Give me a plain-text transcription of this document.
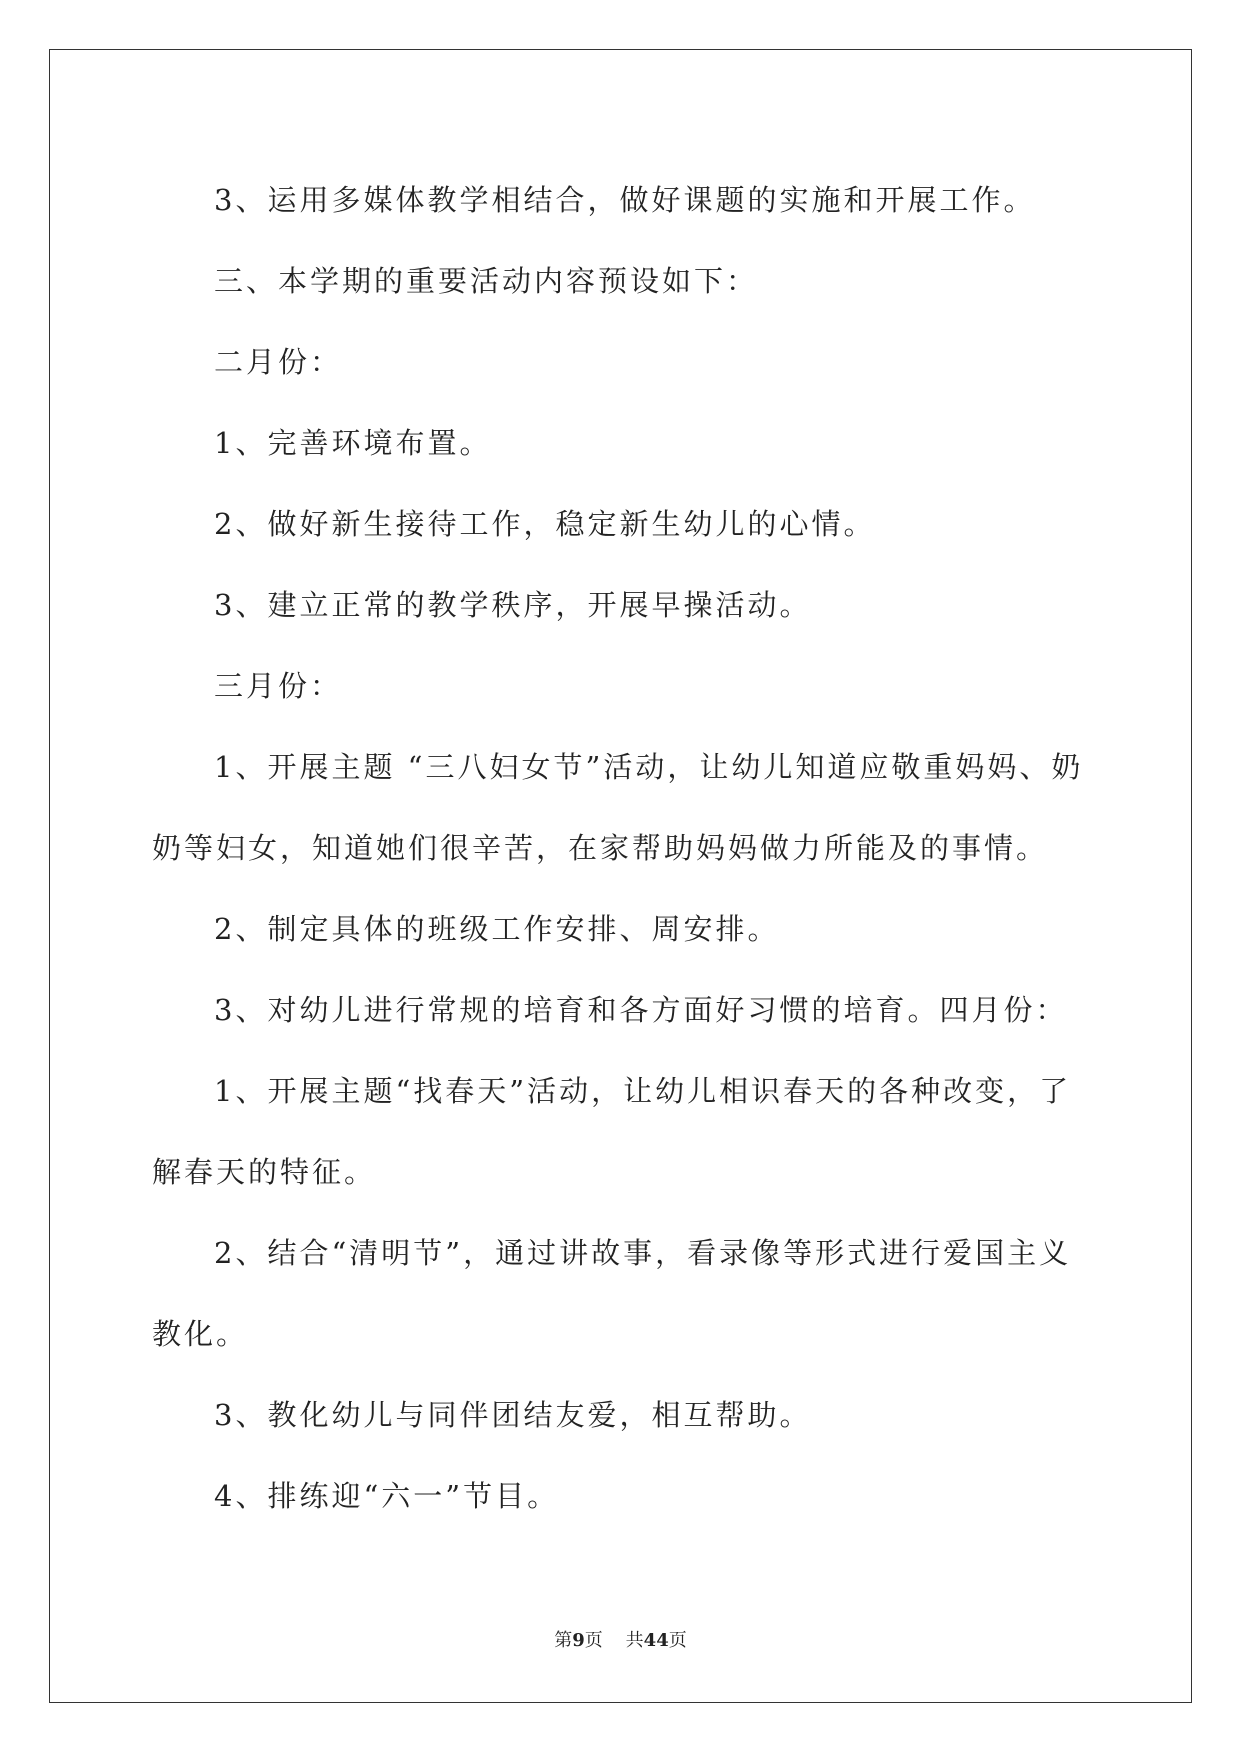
3、运用多媒体教学相结合，做好课题的实施和开展工作。

三、本学期的重要活动内容预设如下：

二月份：

1、完善环境布置。

2、做好新生接待工作，稳定新生幼儿的心情。

3、建立正常的教学秩序，开展早操活动。

三月份：

1、开展主题 “三八妇女节”活动，让幼儿知道应敬重妈妈、奶奶等妇女，知道她们很辛苦，在家帮助妈妈做力所能及的事情。

2、制定具体的班级工作安排、周安排。

3、对幼儿进行常规的培育和各方面好习惯的培育。四月份：

1、开展主题“找春天”活动，让幼儿相识春天的各种改变，了解春天的特征。

2、结合“清明节”，通过讲故事，看录像等形式进行爱国主义教化。

3、教化幼儿与同伴团结友爱，相互帮助。

4、排练迎“六一”节目。

第9页 共44页
